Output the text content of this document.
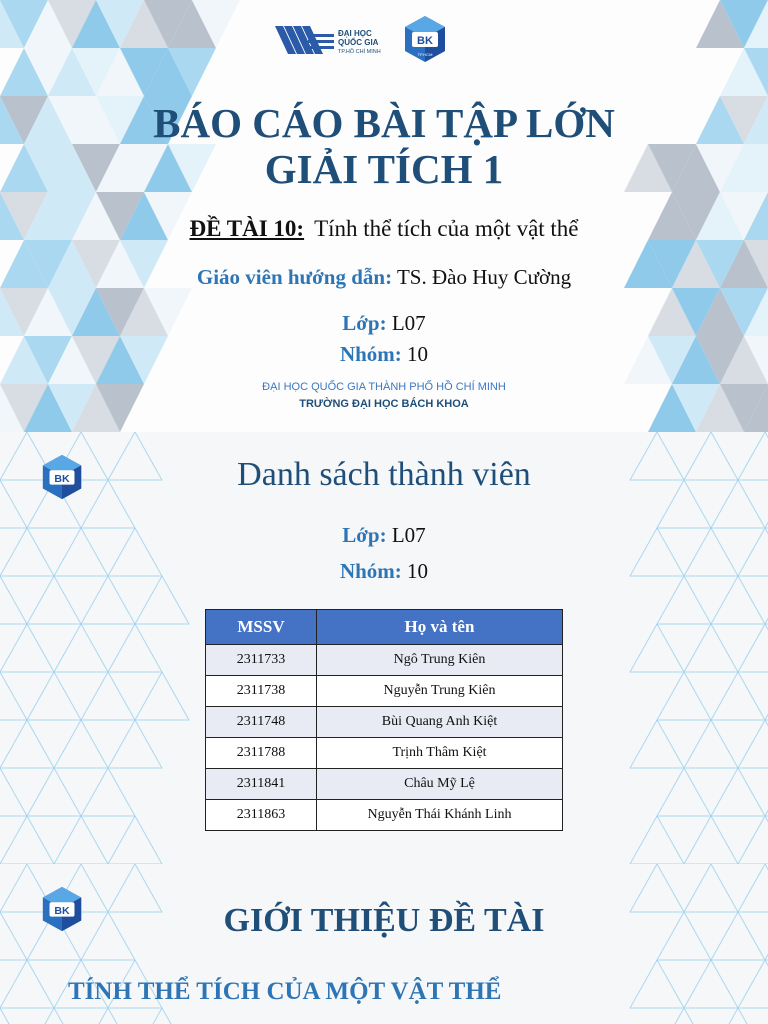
ĐẠI HỌC
QUỐC GIA
TP.HỒ CHÍ MINH
BK
TP.HCM
BÁO CÁO BÀI TẬP LỚN
GIẢI TÍCH 1
ĐỀ TÀI 10: Tính thể tích của một vật thể
Giáo viên hướng dẫn: TS. Đào Huy Cường
Lớp: L07
Nhóm: 10
ĐẠI HỌC QUỐC GIA THÀNH PHỐ HỒ CHÍ MINH
TRƯỜNG ĐẠI HỌC BÁCH KHOA
BK	Danh sách thành viên
Lớp: L07
Nhóm: 10
MSSV	Họ và tên
2311733	Ngô Trung Kiên
2311738	Nguyễn Trung Kiên
2311748	Bùi Quang Anh Kiệt
2311788	Trịnh Thâm Kiệt
2311841	Châu Mỹ Lệ
2311863	Nguyễn Thái Khánh Linh
BK	GIỚI THIỆU ĐỀ TÀI
TÍNH THỂ TÍCH CỦA MỘT VẬT THỂ
